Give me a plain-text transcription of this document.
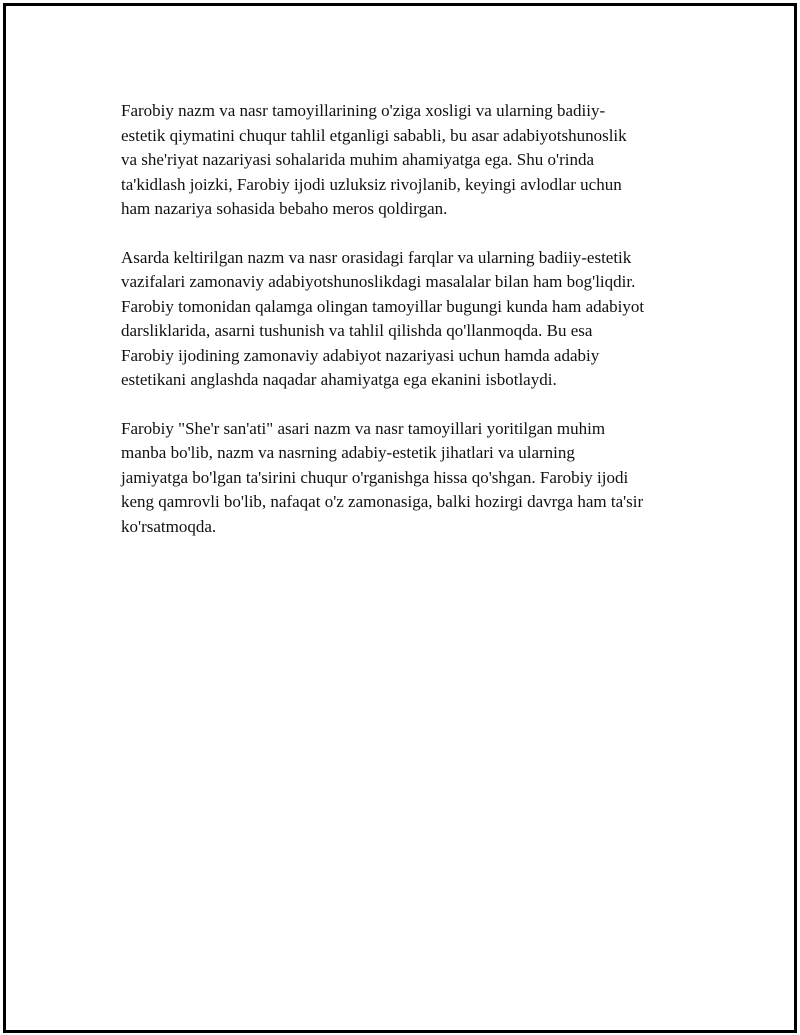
Farobiy nazm va nasr tamoyillarining o'ziga xosligi va ularning badiiy-
estetik qiymatini chuqur tahlil etganligi sababli, bu asar adabiyotshunoslik
va she'riyat nazariyasi sohalarida muhim ahamiyatga ega. Shu o'rinda
ta'kidlash joizki, Farobiy ijodi uzluksiz rivojlanib, keyingi avlodlar uchun
ham nazariya sohasida bebaho meros qoldirgan.

Asarda keltirilgan nazm va nasr orasidagi farqlar va ularning badiiy-estetik
vazifalari zamonaviy adabiyotshunoslikdagi masalalar bilan ham bog'liqdir.
Farobiy tomonidan qalamga olingan tamoyillar bugungi kunda ham adabiyot
darsliklarida, asarni tushunish va tahlil qilishda qo'llanmoqda. Bu esa
Farobiy ijodining zamonaviy adabiyot nazariyasi uchun hamda adabiy
estetikani anglashda naqadar ahamiyatga ega ekanini isbotlaydi.

Farobiy "She'r san'ati" asari nazm va nasr tamoyillari yoritilgan muhim
manba bo'lib, nazm va nasrning adabiy-estetik jihatlari va ularning
jamiyatga bo'lgan ta'sirini chuqur o'rganishga hissa qo'shgan. Farobiy ijodi
keng qamrovli bo'lib, nafaqat o'z zamonasiga, balki hozirgi davrga ham ta'sir
ko'rsatmoqda.
